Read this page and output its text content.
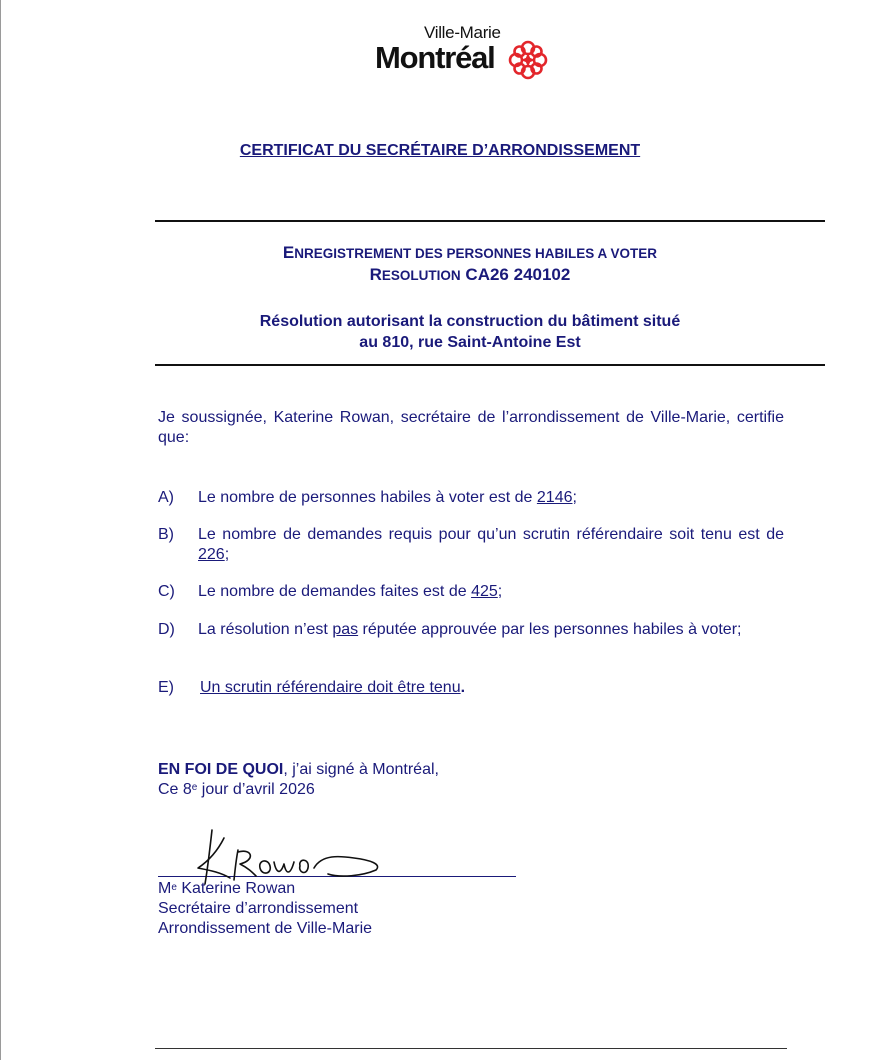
Ville-Marie
Montréal
CERTIFICAT DU SECRÉTAIRE D’ARRONDISSEMENT
ENREGISTREMENT DES PERSONNES HABILES A VOTER
RESOLUTION CA26 240102
Résolution autorisant la construction du bâtiment situé
au 810, rue Saint-Antoine Est
Je soussignée, Katerine Rowan, secrétaire de l’arrondissement de Ville-Marie, certifie que:
A) Le nombre de personnes habiles à voter est de 2146;
B) Le nombre de demandes requis pour qu’un scrutin référendaire soit tenu est de 226;
C) Le nombre de demandes faites est de 425;
D) La résolution n’est pas réputée approuvée par les personnes habiles à voter;
E) Un scrutin référendaire doit être tenu.
EN FOI DE QUOI, j’ai signé à Montréal,
Ce 8e jour d’avril 2026
Me Katerine Rowan
Secrétaire d’arrondissement
Arrondissement de Ville-Marie
